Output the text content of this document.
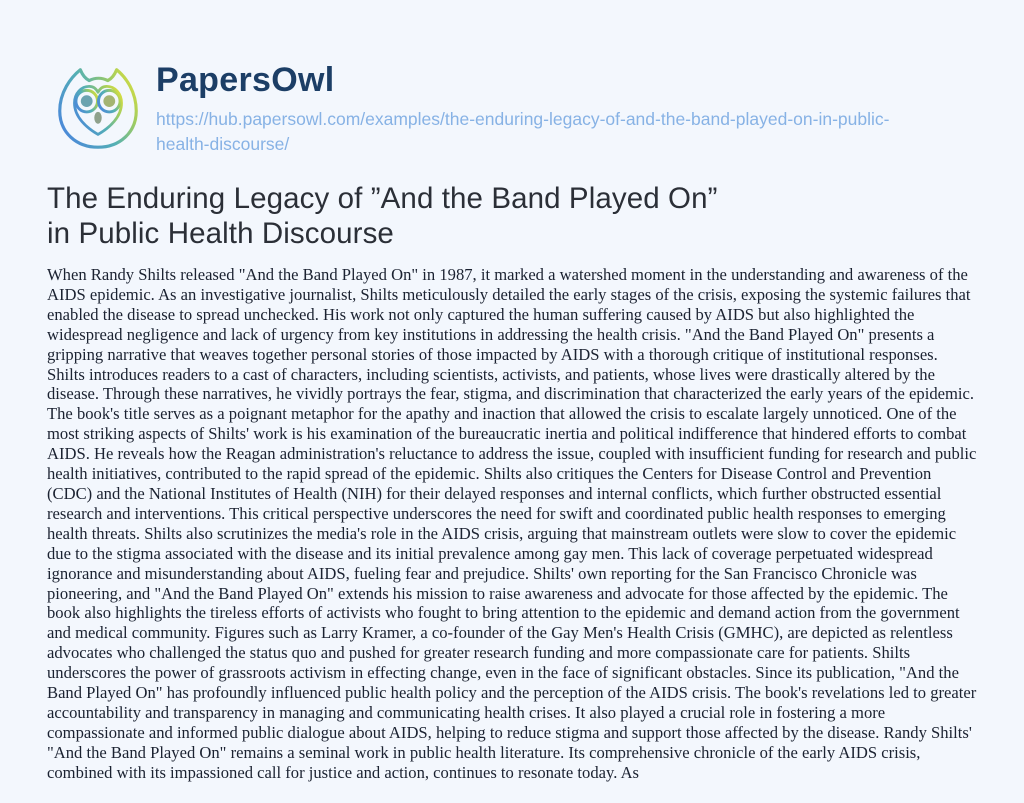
PapersOwl
https://hub.papersowl.com/examples/the-enduring-legacy-of-and-the-band-played-on-in-public-health-discourse/
The Enduring Legacy of ”And the Band Played On”
in Public Health Discourse

When Randy Shilts released "And the Band Played On" in 1987, it marked a watershed moment in the understanding and awareness of the AIDS epidemic. As an investigative journalist, Shilts meticulously detailed the early stages of the crisis, exposing the systemic failures that enabled the disease to spread unchecked. His work not only captured the human suffering caused by AIDS but also highlighted the widespread negligence and lack of urgency from key institutions in addressing the health crisis. "And the Band Played On" presents a gripping narrative that weaves together personal stories of those impacted by AIDS with a thorough critique of institutional responses. Shilts introduces readers to a cast of characters, including scientists, activists, and patients, whose lives were drastically altered by the disease. Through these narratives, he vividly portrays the fear, stigma, and discrimination that characterized the early years of the epidemic. The book's title serves as a poignant metaphor for the apathy and inaction that allowed the crisis to escalate largely unnoticed. One of the most striking aspects of Shilts' work is his examination of the bureaucratic inertia and political indifference that hindered efforts to combat AIDS. He reveals how the Reagan administration's reluctance to address the issue, coupled with insufficient funding for research and public health initiatives, contributed to the rapid spread of the epidemic. Shilts also critiques the Centers for Disease Control and Prevention (CDC) and the National Institutes of Health (NIH) for their delayed responses and internal conflicts, which further obstructed essential research and interventions. This critical perspective underscores the need for swift and coordinated public health responses to emerging health threats. Shilts also scrutinizes the media's role in the AIDS crisis, arguing that mainstream outlets were slow to cover the epidemic due to the stigma associated with the disease and its initial prevalence among gay men. This lack of coverage perpetuated widespread ignorance and misunderstanding about AIDS, fueling fear and prejudice. Shilts' own reporting for the San Francisco Chronicle was pioneering, and "And the Band Played On" extends his mission to raise awareness and advocate for those affected by the epidemic. The book also highlights the tireless efforts of activists who fought to bring attention to the epidemic and demand action from the government and medical community. Figures such as Larry Kramer, a co-founder of the Gay Men's Health Crisis (GMHC), are depicted as relentless advocates who challenged the status quo and pushed for greater research funding and more compassionate care for patients. Shilts underscores the power of grassroots activism in effecting change, even in the face of significant obstacles. Since its publication, "And the Band Played On" has profoundly influenced public health policy and the perception of the AIDS crisis. The book's revelations led to greater accountability and transparency in managing and communicating health crises. It also played a crucial role in fostering a more compassionate and informed public dialogue about AIDS, helping to reduce stigma and support those affected by the disease. Randy Shilts' "And the Band Played On" remains a seminal work in public health literature. Its comprehensive chronicle of the early AIDS crisis, combined with its impassioned call for justice and action, continues to resonate today. As
